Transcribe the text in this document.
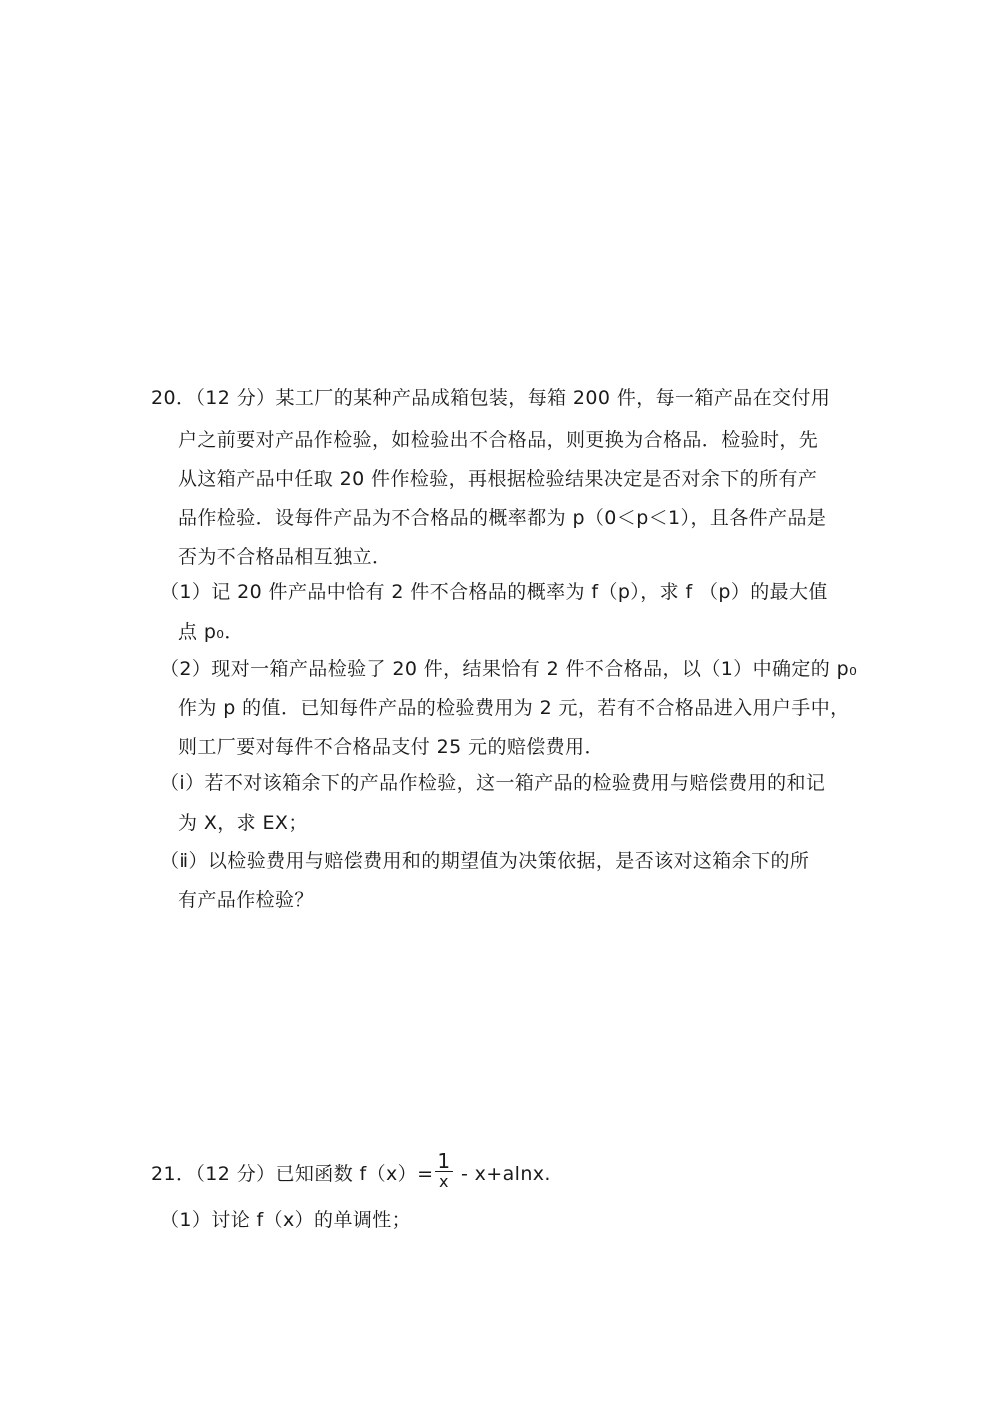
20．（12 分）某工厂的某种产品成箱包装，每箱 200 件，每一箱产品在交付用
户之前要对产品作检验，如检验出不合格品，则更换为合格品．检验时，先
从这箱产品中任取 20 件作检验，再根据检验结果决定是否对余下的所有产
品作检验．设每件产品为不合格品的概率都为 p（0＜p＜1），且各件产品是
否为不合格品相互独立．
（1）记 20 件产品中恰有 2 件不合格品的概率为 f（p），求 f （p）的最大值
点 p₀．
（2）现对一箱产品检验了 20 件，结果恰有 2 件不合格品，以（1）中确定的 p₀
作为 p 的值．已知每件产品的检验费用为 2 元，若有不合格品进入用户手中，
则工厂要对每件不合格品支付 25 元的赔偿费用．
（i）若不对该箱余下的产品作检验，这一箱产品的检验费用与赔偿费用的和记
为 X，求 EX；
（ⅱ）以检验费用与赔偿费用和的期望值为决策依据，是否该对这箱余下的所
有产品作检验？
21．（12 分）已知函数 $f(x)= \frac{1}{x} - x+alnx$.
（1）讨论 f（x）的单调性；
